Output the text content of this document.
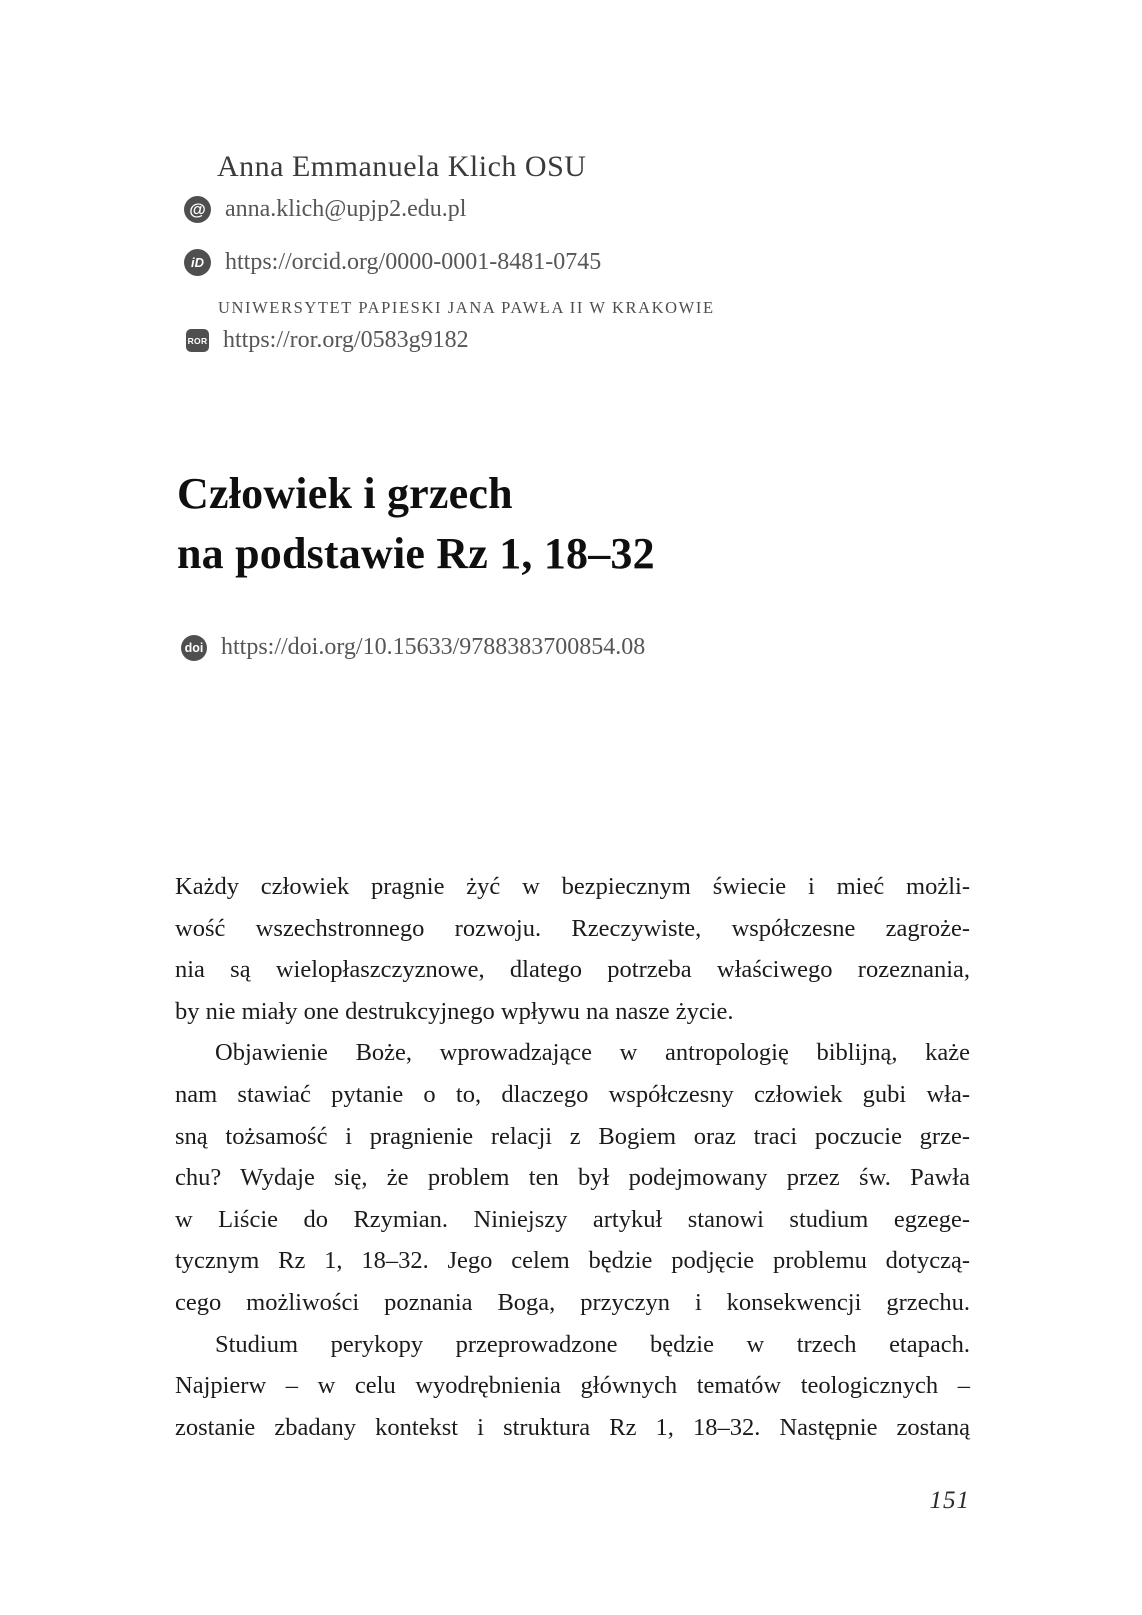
Anna Emmanuela Klich OSU
@ anna.klich@upjp2.edu.pl
iD https://orcid.org/0000-0001-8481-0745
UNIWERSYTET PAPIESKI JANA PAWŁA II W KRAKOWIE
ROR https://ror.org/0583g9182
Człowiek i grzech
na podstawie Rz 1, 18–32
doi https://doi.org/10.15633/9788383700854.08
Każdy człowiek pragnie żyć w bezpiecznym świecie i mieć możli-
wość wszechstronnego rozwoju. Rzeczywiste, współczesne zagroże-
nia są wielopłaszczyznowe, dlatego potrzeba właściwego rozeznania,
by nie miały one destrukcyjnego wpływu na nasze życie.
Objawienie Boże, wprowadzające w antropologię biblijną, każe
nam stawiać pytanie o to, dlaczego współczesny człowiek gubi wła-
sną tożsamość i pragnienie relacji z Bogiem oraz traci poczucie grze-
chu? Wydaje się, że problem ten był podejmowany przez św. Pawła
w Liście do Rzymian. Niniejszy artykuł stanowi studium egzege-
tycznym Rz 1, 18–32. Jego celem będzie podjęcie problemu dotyczą-
cego możliwości poznania Boga, przyczyn i konsekwencji grzechu.
Studium perykopy przeprowadzone będzie w trzech etapach.
Najpierw – w celu wyodrębnienia głównych tematów teologicznych –
zostanie zbadany kontekst i struktura Rz 1, 18–32. Następnie zostaną
151
